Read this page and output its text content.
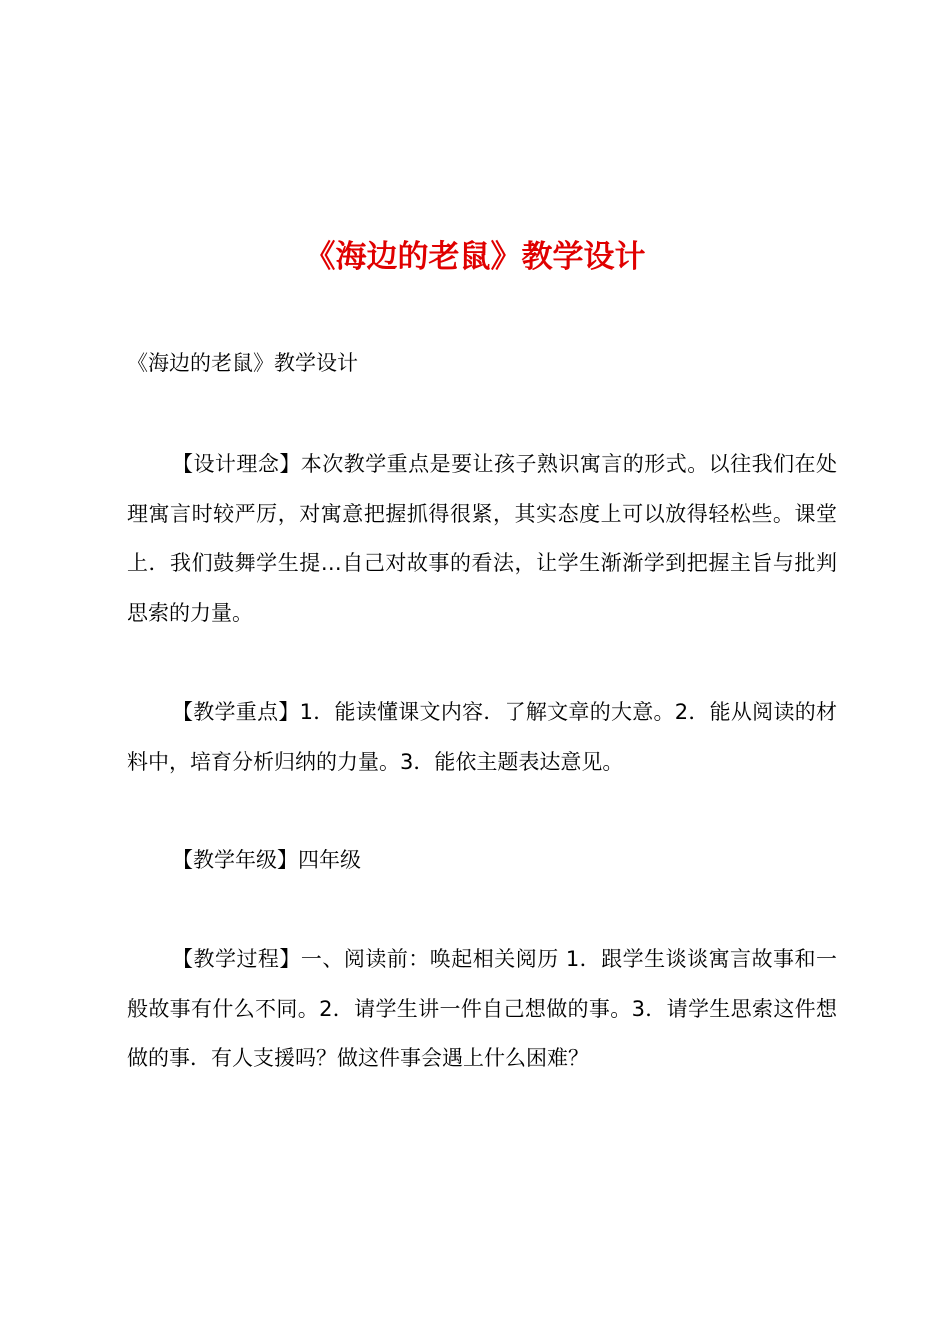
《海边的老鼠》教学设计

《海边的老鼠》教学设计

【设计理念】本次教学重点是要让孩子熟识寓言的形式。以往我们在处理寓言时较严厉，对寓意把握抓得很紧，其实态度上可以放得轻松些。课堂上．我们鼓舞学生提…自己对故事的看法，让学生渐渐学到把握主旨与批判思索的力量。

【教学重点】1．能读懂课文内容．了解文章的大意。2．能从阅读的材料中，培育分析归纳的力量。3．能依主题表达意见。

【教学年级】四年级

【教学过程】一、阅读前：唤起相关阅历 1．跟学生谈谈寓言故事和一般故事有什么不同。2．请学生讲一件自己想做的事。3．请学生思索这件想做的事．有人支援吗？做这件事会遇上什么困难？
